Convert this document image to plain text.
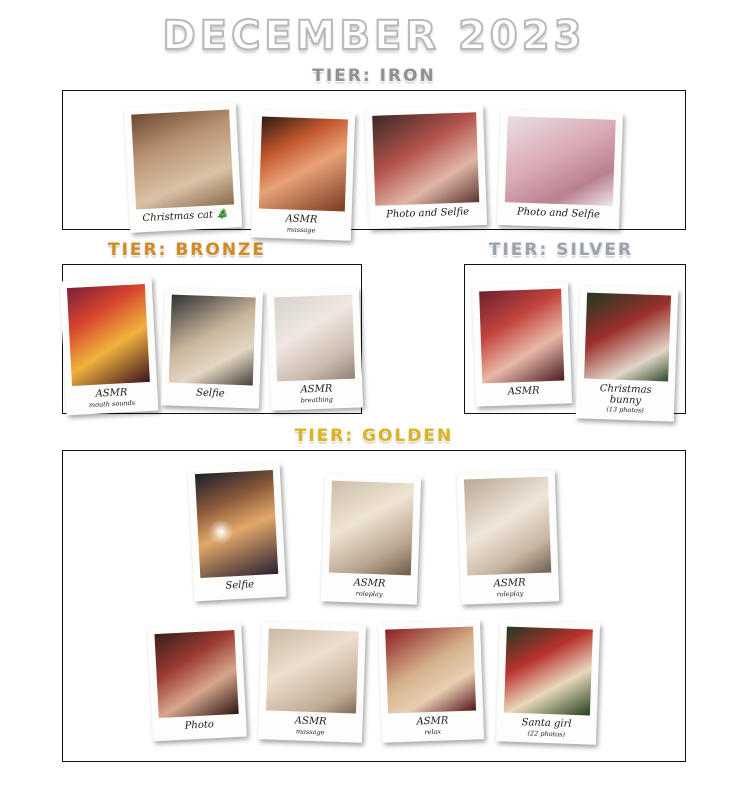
DECEMBER 2023
TIER: IRON
Christmas cat 🎄	ASMR
massage
Photo and Selfie	Photo and Selfie
TIER: BRONZE	TIER: SILVER
ASMR
mouth sounds
Selfie	ASMR
breathing
ASMR	Christmas bunny
(13 photos)
TIER: GOLDEN
Selfie	ASMR
roleplay
ASMR
roleplay
Photo	ASMR
massage
ASMR
relax
Santa girl
(22 photos)
